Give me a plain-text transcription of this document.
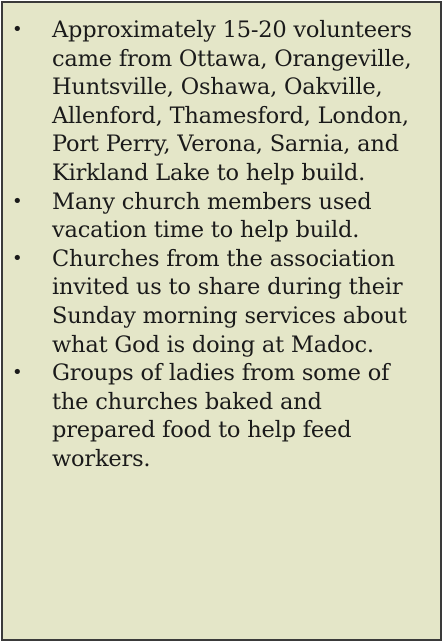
• Approximately 15-20 volunteers came from Ottawa, Orangeville, Huntsville, Oshawa, Oakville, Allenford, Thamesford, London, Port Perry, Verona, Sarnia, and Kirkland Lake to help build.
• Many church members used vacation time to help build.
• Churches from the association invited us to share during their Sunday morning services about what God is doing at Madoc.
• Groups of ladies from some of the churches baked and prepared food to help feed workers.
